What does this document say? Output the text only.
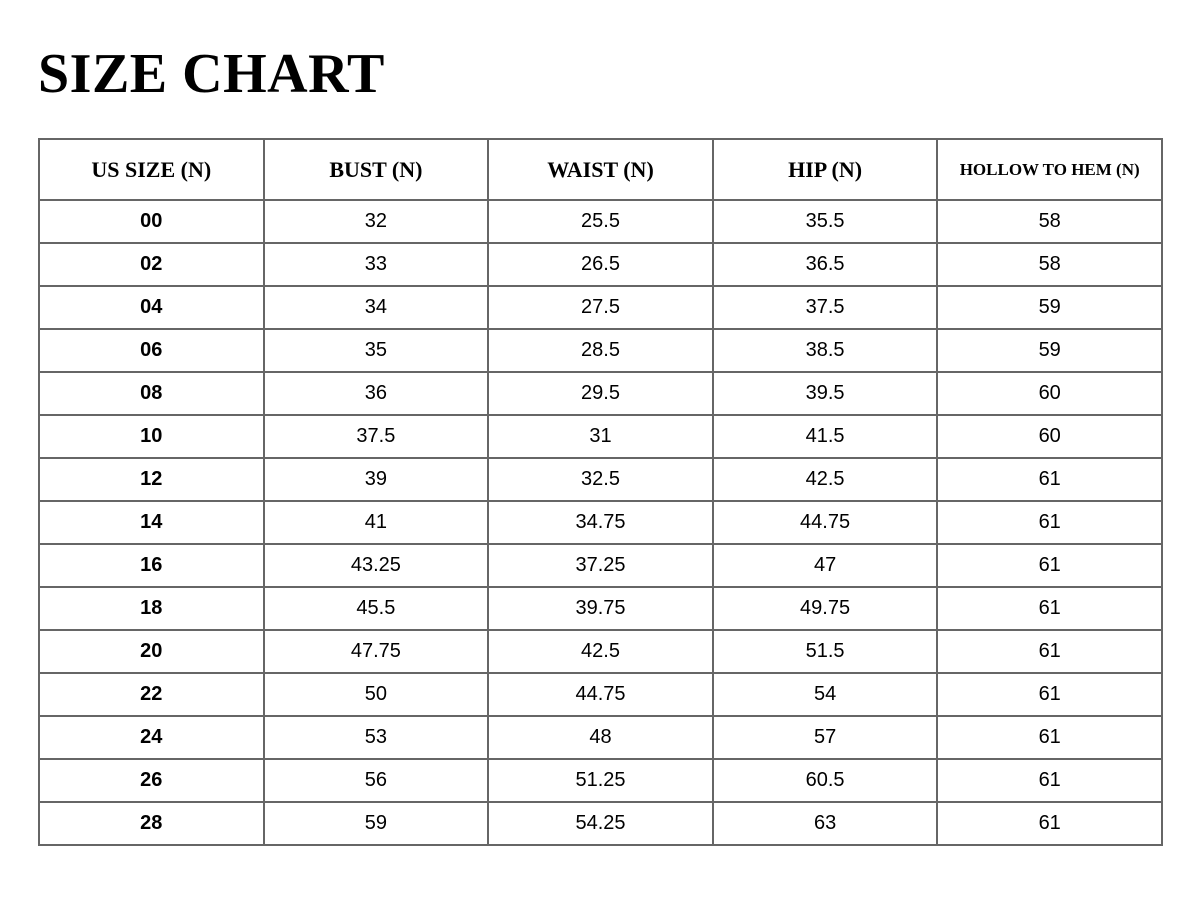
SIZE CHART
US SIZE (N)	BUST (N)	WAIST (N)	HIP (N)	HOLLOW TO HEM (N)
00	32	25.5	35.5	58
02	33	26.5	36.5	58
04	34	27.5	37.5	59
06	35	28.5	38.5	59
08	36	29.5	39.5	60
10	37.5	31	41.5	60
12	39	32.5	42.5	61
14	41	34.75	44.75	61
16	43.25	37.25	47	61
18	45.5	39.75	49.75	61
20	47.75	42.5	51.5	61
22	50	44.75	54	61
24	53	48	57	61
26	56	51.25	60.5	61
28	59	54.25	63	61
